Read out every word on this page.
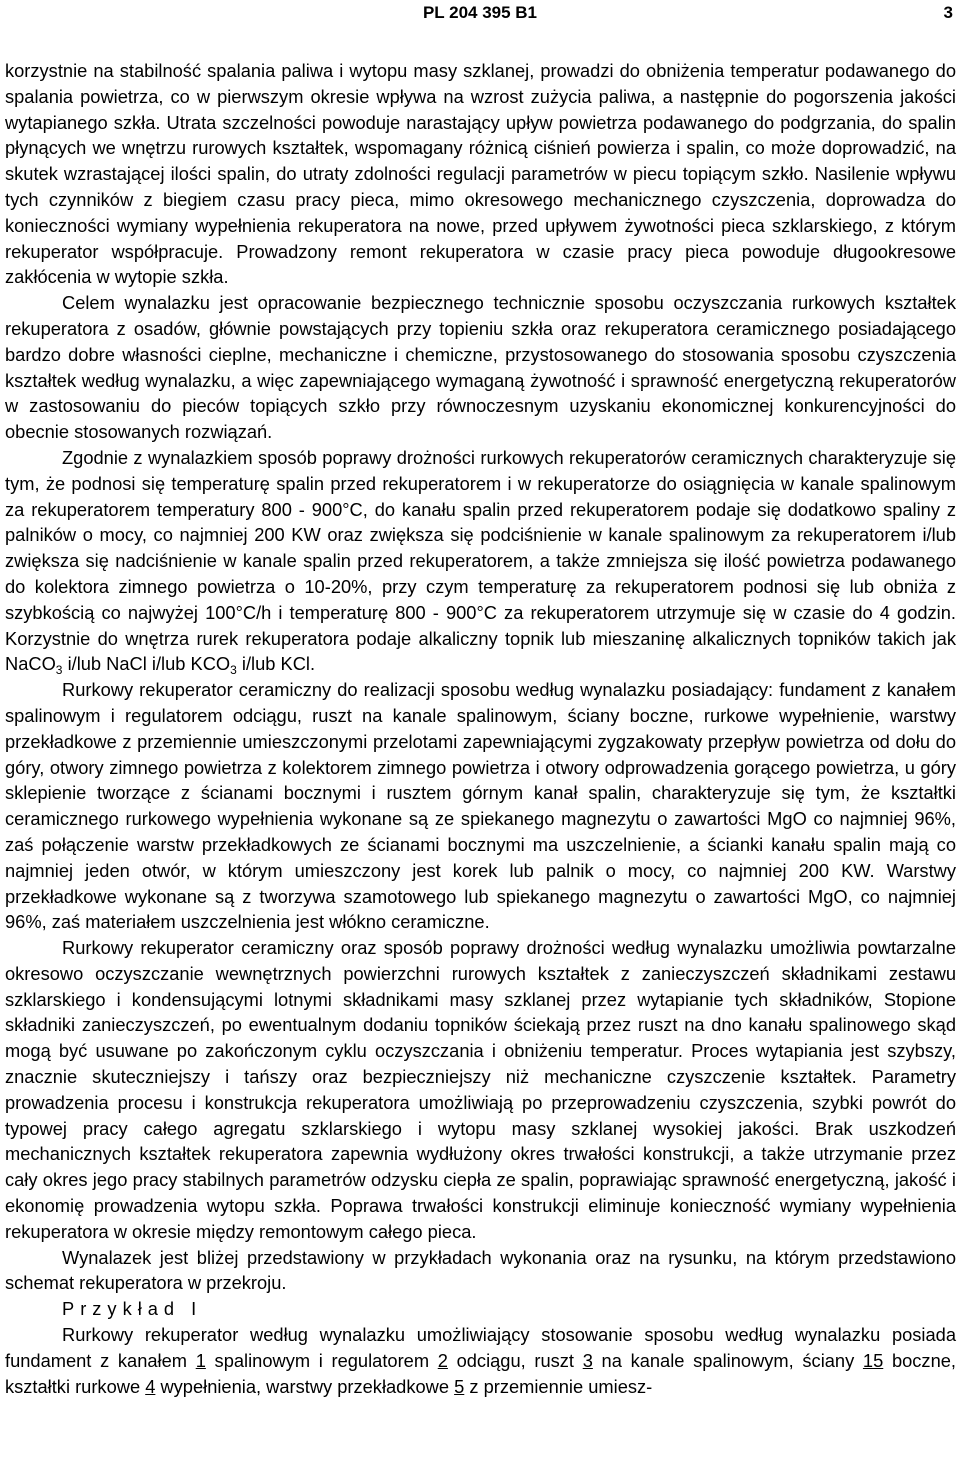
PL 204 395 B1	3

korzystnie na stabilność spalania paliwa i wytopu masy szklanej, prowadzi do obniżenia temperatur podawanego do spalania powietrza, co w pierwszym okresie wpływa na wzrost zużycia paliwa, a następnie do pogorszenia jakości wytapianego szkła. Utrata szczelności powoduje narastający upływ powietrza podawanego do podgrzania, do spalin płynących we wnętrzu rurowych kształtek, wspomagany różnicą ciśnień powierza i spalin, co może doprowadzić, na skutek wzrastającej ilości spalin, do utraty zdolności regulacji parametrów w piecu topiącym szkło. Nasilenie wpływu tych czynników z biegiem czasu pracy pieca, mimo okresowego mechanicznego czyszczenia, doprowadza do konieczności wymiany wypełnienia rekuperatora na nowe, przed upływem żywotności pieca szklarskiego, z którym rekuperator współpracuje. Prowadzony remont rekuperatora w czasie pracy pieca powoduje długookresowe zakłócenia w wytopie szkła.

Celem wynalazku jest opracowanie bezpiecznego technicznie sposobu oczyszczania rurkowych kształtek rekuperatora z osadów, głównie powstających przy topieniu szkła oraz rekuperatora ceramicznego posiadającego bardzo dobre własności cieplne, mechaniczne i chemiczne, przystosowanego do stosowania sposobu czyszczenia kształtek według wynalazku, a więc zapewniającego wymaganą żywotność i sprawność energetyczną rekuperatorów w zastosowaniu do pieców topiących szkło przy równoczesnym uzyskaniu ekonomicznej konkurencyjności do obecnie stosowanych rozwiązań.

Zgodnie z wynalazkiem sposób poprawy drożności rurkowych rekuperatorów ceramicznych charakteryzuje się tym, że podnosi się temperaturę spalin przed rekuperatorem i w rekuperatorze do osiągnięcia w kanale spalinowym za rekuperatorem temperatury 800 - 900°C, do kanału spalin przed rekuperatorem podaje się dodatkowo spaliny z palników o mocy, co najmniej 200 KW oraz zwiększa się podciśnienie w kanale spalinowym za rekuperatorem i/lub zwiększa się nadciśnienie w kanale spalin przed rekuperatorem, a także zmniejsza się ilość powietrza podawanego do kolektora zimnego powietrza o 10-20%, przy czym temperaturę za rekuperatorem podnosi się lub obniża z szybkością co najwyżej 100°C/h i temperaturę 800 - 900°C za rekuperatorem utrzymuje się w czasie do 4 godzin. Korzystnie do wnętrza rurek rekuperatora podaje alkaliczny topnik lub mieszaninę alkalicznych topników takich jak NaCO$_3$ i/lub NaCl i/lub $KCO_3$ i/lub KCl.

Rurkowy rekuperator ceramiczny do realizacji sposobu według wynalazku posiadający: fundament z kanałem spalinowym i regulatorem odciągu, ruszt na kanale spalinowym, ściany boczne, rurkowe wypełnienie, warstwy przekładkowe z przemiennie umieszczonymi przelotami zapewniającymi zygzakowaty przepływ powietrza od dołu do góry, otwory zimnego powietrza z kolektorem zimnego powietrza i otwory odprowadzenia gorącego powietrza, u góry sklepienie tworzące z ścianami bocznymi i rusztem górnym kanał spalin, charakteryzuje się tym, że kształtki ceramicznego rurkowego wypełnienia wykonane są ze spiekanego magnezytu o zawartości MgO co najmniej 96%, zaś połączenie warstw przekładkowych ze ścianami bocznymi ma uszczelnienie, a ścianki kanału spalin mają co najmniej jeden otwór, w którym umieszczony jest korek lub palnik o mocy, co najmniej 200 KW. Warstwy przekładkowe wykonane są z tworzywa szamotowego lub spiekanego magnezytu o zawartości MgO, co najmniej 96%, zaś materiałem uszczelnienia jest włókno ceramiczne.

Rurkowy rekuperator ceramiczny oraz sposób poprawy drożności według wynalazku umożliwia powtarzalne okresowo oczyszczanie wewnętrznych powierzchni rurowych kształtek z zanieczyszczeń składnikami zestawu szklarskiego i kondensującymi lotnymi składnikami masy szklanej przez wytapianie tych składników, Stopione składniki zanieczyszczeń, po ewentualnym dodaniu topników ściekają przez ruszt na dno kanału spalinowego skąd mogą być usuwane po zakończonym cyklu oczyszczania i obniżeniu temperatur. Proces wytapiania jest szybszy, znacznie skuteczniejszy i tańszy oraz bezpieczniejszy niż mechaniczne czyszczenie kształtek. Parametry prowadzenia procesu i konstrukcja rekuperatora umożliwiają po przeprowadzeniu czyszczenia, szybki powrót do typowej pracy całego agregatu szklarskiego i wytopu masy szklanej wysokiej jakości. Brak uszkodzeń mechanicznych kształtek rekuperatora zapewnia wydłużony okres trwałości konstrukcji, a także utrzymanie przez cały okres jego pracy stabilnych parametrów odzysku ciepła ze spalin, poprawiając sprawność energetyczną, jakość i ekonomię prowadzenia wytopu szkła. Poprawa trwałości konstrukcji eliminuje konieczność wymiany wypełnienia rekuperatora w okresie między remontowym całego pieca.

Wynalazek jest bliżej przedstawiony w przykładach wykonania oraz na rysunku, na którym przedstawiono schemat rekuperatora w przekroju.

Przykład I

Rurkowy rekuperator według wynalazku umożliwiający stosowanie sposobu według wynalazku posiada fundament z kanałem 1 spalinowym i regulatorem 2 odciągu, ruszt 3 na kanale spalinowym, ściany 15 boczne, kształtki rurkowe 4 wypełnienia, warstwy przekładkowe 5 z przemiennie umiesz-
